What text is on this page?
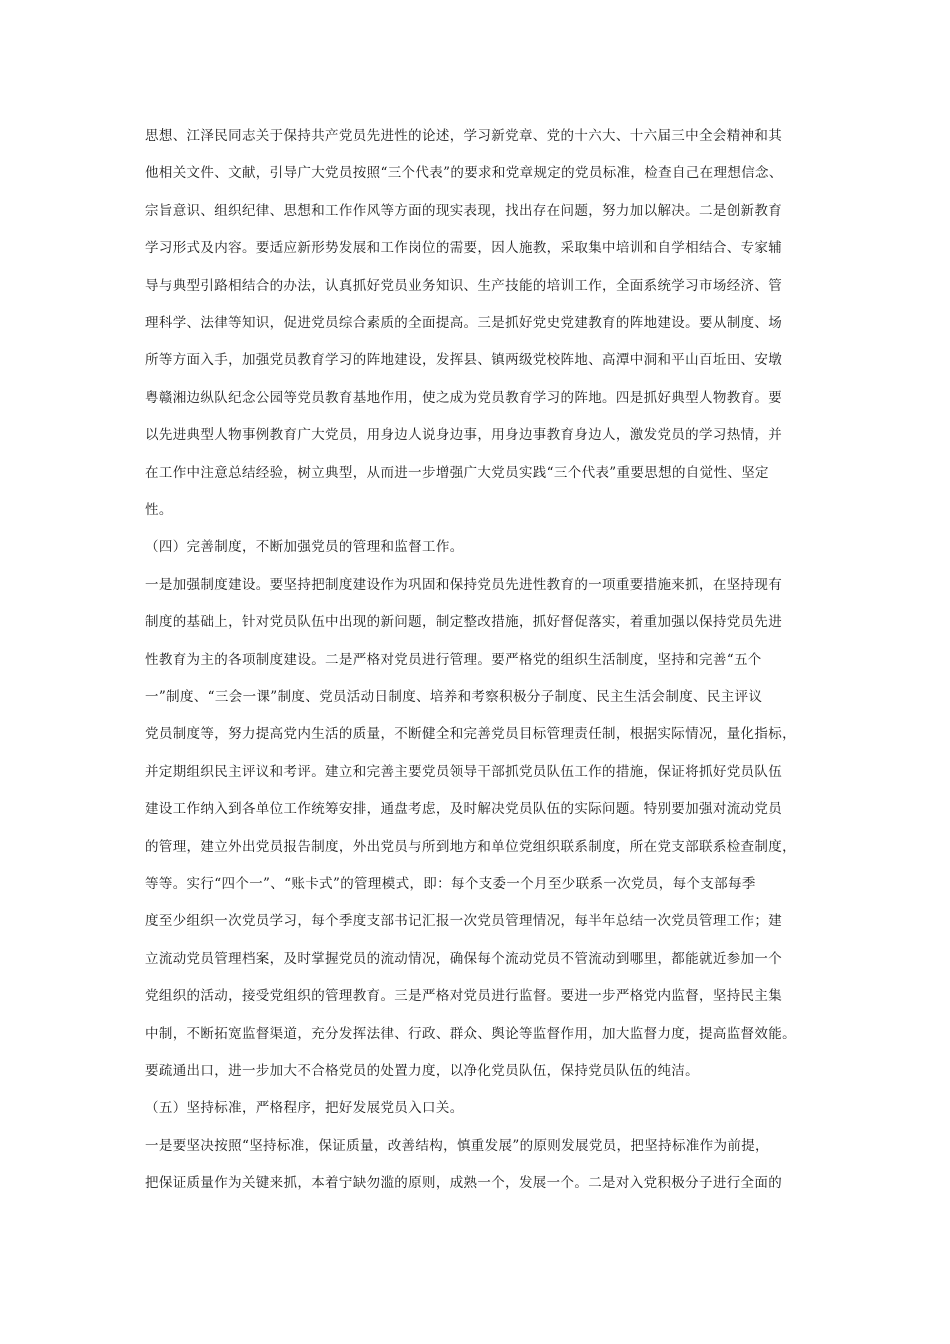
思想、江泽民同志关于保持共产党员先进性的论述，学习新党章、党的十六大、十六届三中全会精神和其
他相关文件、文献，引导广大党员按照“三个代表”的要求和党章规定的党员标准，检查自己在理想信念、
宗旨意识、组织纪律、思想和工作作风等方面的现实表现，找出存在问题，努力加以解决。二是创新教育
学习形式及内容。要适应新形势发展和工作岗位的需要，因人施教，采取集中培训和自学相结合、专家辅
导与典型引路相结合的办法，认真抓好党员业务知识、生产技能的培训工作，全面系统学习市场经济、管
理科学、法律等知识，促进党员综合素质的全面提高。三是抓好党史党建教育的阵地建设。要从制度、场
所等方面入手，加强党员教育学习的阵地建设，发挥县、镇两级党校阵地、高潭中洞和平山百坵田、安墩
粤赣湘边纵队纪念公园等党员教育基地作用，使之成为党员教育学习的阵地。四是抓好典型人物教育。要
以先进典型人物事例教育广大党员，用身边人说身边事，用身边事教育身边人，激发党员的学习热情，并
在工作中注意总结经验，树立典型，从而进一步增强广大党员实践“三个代表”重要思想的自觉性、坚定
性。
（四）完善制度，不断加强党员的管理和监督工作。
一是加强制度建设。要坚持把制度建设作为巩固和保持党员先进性教育的一项重要措施来抓，在坚持现有
制度的基础上，针对党员队伍中出现的新问题，制定整改措施，抓好督促落实，着重加强以保持党员先进
性教育为主的各项制度建设。二是严格对党员进行管理。要严格党的组织生活制度，坚持和完善“五个
一”制度、“三会一课”制度、党员活动日制度、培养和考察积极分子制度、民主生活会制度、民主评议
党员制度等，努力提高党内生活的质量，不断健全和完善党员目标管理责任制，根据实际情况，量化指标，
并定期组织民主评议和考评。建立和完善主要党员领导干部抓党员队伍工作的措施，保证将抓好党员队伍
建设工作纳入到各单位工作统筹安排，通盘考虑，及时解决党员队伍的实际问题。特别要加强对流动党员
的管理，建立外出党员报告制度，外出党员与所到地方和单位党组织联系制度，所在党支部联系检查制度，
等等。实行“四个一”、“账卡式”的管理模式，即：每个支委一个月至少联系一次党员，每个支部每季
度至少组织一次党员学习，每个季度支部书记汇报一次党员管理情况，每半年总结一次党员管理工作；建
立流动党员管理档案，及时掌握党员的流动情况，确保每个流动党员不管流动到哪里，都能就近参加一个
党组织的活动，接受党组织的管理教育。三是严格对党员进行监督。要进一步严格党内监督，坚持民主集
中制，不断拓宽监督渠道，充分发挥法律、行政、群众、舆论等监督作用，加大监督力度，提高监督效能。
要疏通出口，进一步加大不合格党员的处置力度，以净化党员队伍，保持党员队伍的纯洁。
（五）坚持标准，严格程序，把好发展党员入口关。
一是要坚决按照“坚持标准，保证质量，改善结构，慎重发展”的原则发展党员，把坚持标准作为前提，
把保证质量作为关键来抓，本着宁缺勿滥的原则，成熟一个，发展一个。二是对入党积极分子进行全面的
